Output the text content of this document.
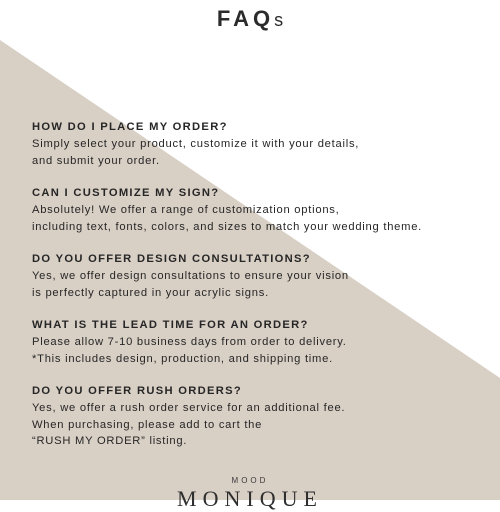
FAQs
HOW DO I PLACE MY ORDER?
Simply select your product, customize it with your details,
and submit your order.
CAN I CUSTOMIZE MY SIGN?
Absolutely! We offer a range of customization options,
including text, fonts, colors, and sizes to match your wedding theme.
DO YOU OFFER DESIGN CONSULTATIONS?
Yes, we offer design consultations to ensure your vision
is perfectly captured in your acrylic signs.
WHAT IS THE LEAD TIME FOR AN ORDER?
Please allow 7-10 business days from order to delivery.
*This includes design, production, and shipping time.
DO YOU OFFER RUSH ORDERS?
Yes, we offer a rush order service for an additional fee.
When purchasing, please add to cart the
“RUSH MY ORDER” listing.
MOOD
MONIQUE
